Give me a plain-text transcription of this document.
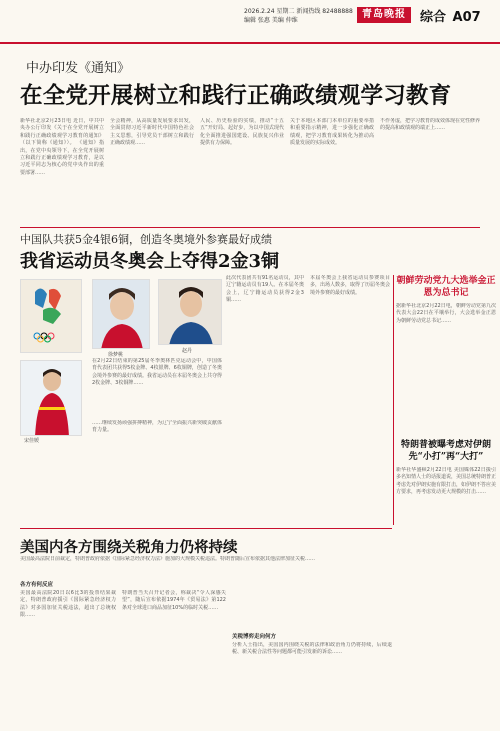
2026.2.24 星期二 新闻热线 82488888
编辑 张惠 美编 仲维
青岛晚报	综合 A07
中办印发《通知》
在全党开展树立和践行正确政绩观学习教育
新华社北京2月23日电 近日，中共中央办公厅印发《关于在全党开展树立和践行正确政绩观学习教育的通知》（以下简称《通知》）。 《通知》指出，在党中央领导下，在全党开展树立和践行正确政绩观学习教育，是以习近平同志为核心的党中央作出的重要部署……
全会精神，从高质量发展要求出发，全面贯彻习近平新时代中国特色社会主义思想，引导党员干部树立和践行正确政绩观……
人民、历史检验的实绩，推动“十五五”开好局、起好步，为以中国式现代化全面推进强国建设、民族复兴伟业提供有力保障。
关于本地区本部门本单位的重要举措和重要指示精神，进一步强化正确政绩观，把学习教育成果转化为推动高质量发展的实际成效。
不作务虚，把学习教育的成效体现在党性修养的提高和政绩观的端正上……
中国队共获5金4银6铜，创造冬奥境外参赛最好成绩
我省运动员冬奥会上夺得2金3铜
徐梦桃
赵丹
宋佳媛
在2月22日结束的第25届冬季奥林匹克运动会中，中国体育代表团共获得5枚金牌、4枚银牌、6枚铜牌，创造了冬奥会境外参赛的最好成绩。我省运动员在本届冬奥会上共夺得2枚金牌、3枚铜牌……
此次代表团共有91名运动员，其中辽宁籍运动员有19人。在本届冬奥会上，辽宁籍运动员获得2金3铜……
本届冬奥会上我省运动员参赛项目多，出场人数多，取得了历届冬奥会境外参赛的最好成绩。
……继续发扬顽强拼搏精神，为辽宁全面振兴新突破贡献体育力量。
朝鲜劳动党九大选举金正恩为总书记
据新华社北京2月22日电，朝鲜劳动党第九次代表大会22日在平壤举行，大会选举金正恩为朝鲜劳动党总书记……
特朗普被曝考虑对伊朗先“小打”再“大打”
新华社华盛顿2月22日电 美国媒体22日援引多名知情人士的话报道说，美国总统特朗普正考虑先对伊朗实施有限打击，如伊朗不答应美方要求，再考虑发动更大规模的打击……
美国内各方围绕关税角力仍将持续
美国最高法院日前裁定，特朗普政府依据《国际紧急经济权力法》施加的大规模关税违法。特朗普随后宣布依据其他法律加征关税……
各方有何反应
关税博弈走向何方
美国最高法院20日以6比3的投票结果裁定，特朗普政府援引《国际紧急经济权力法》对多国加征关税违法，超出了总统权限……
特朗普当天召开记者会，称裁决“令人深感失望”，随后宣布依据1974年《贸易法》第122条对全球进口商品加征10%的临时关税……
分析人士指出，美国国内围绕关税的法律和政治角力仍将持续，后续退税、新关税合法性等问题都可能引发新的诉讼……
